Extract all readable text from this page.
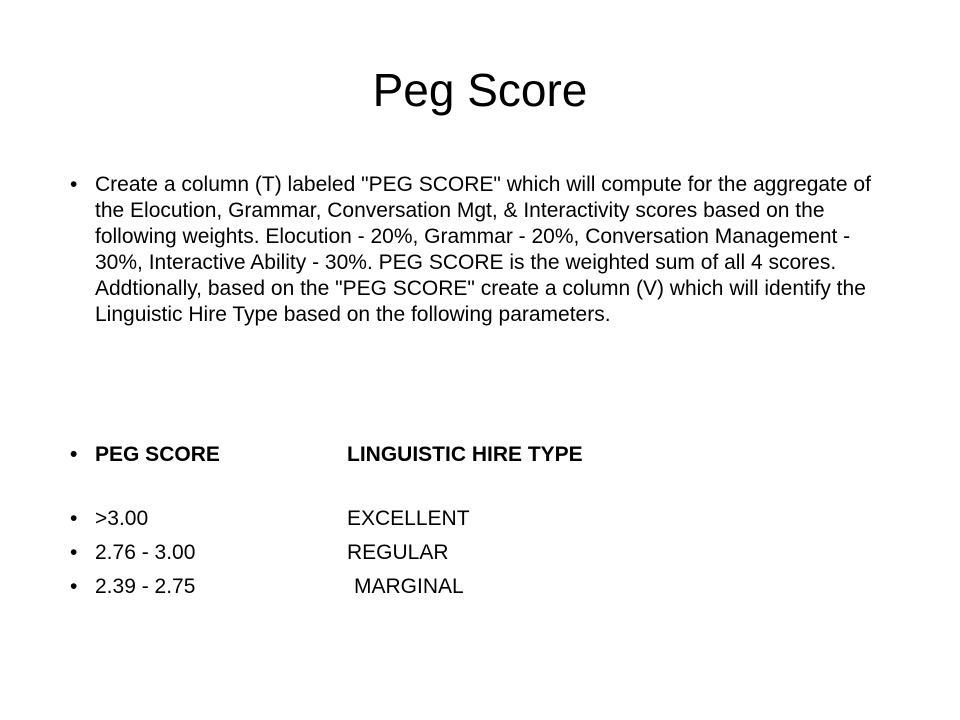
Peg Score
• Create a column (T) labeled "PEG SCORE" which will compute for the aggregate of the Elocution, Grammar, Conversation Mgt, & Interactivity scores based on the following weights. Elocution - 20%, Grammar - 20%, Conversation Management - 30%, Interactive Ability - 30%. PEG SCORE is the weighted sum of all 4 scores. Addtionally, based on the "PEG SCORE" create a column (V) which will identify the Linguistic Hire Type based on the following parameters.
• PEG SCORE	LINGUISTIC HIRE TYPE
• >3.00	EXCELLENT
• 2.76 - 3.00	REGULAR
• 2.39 - 2.75	MARGINAL
